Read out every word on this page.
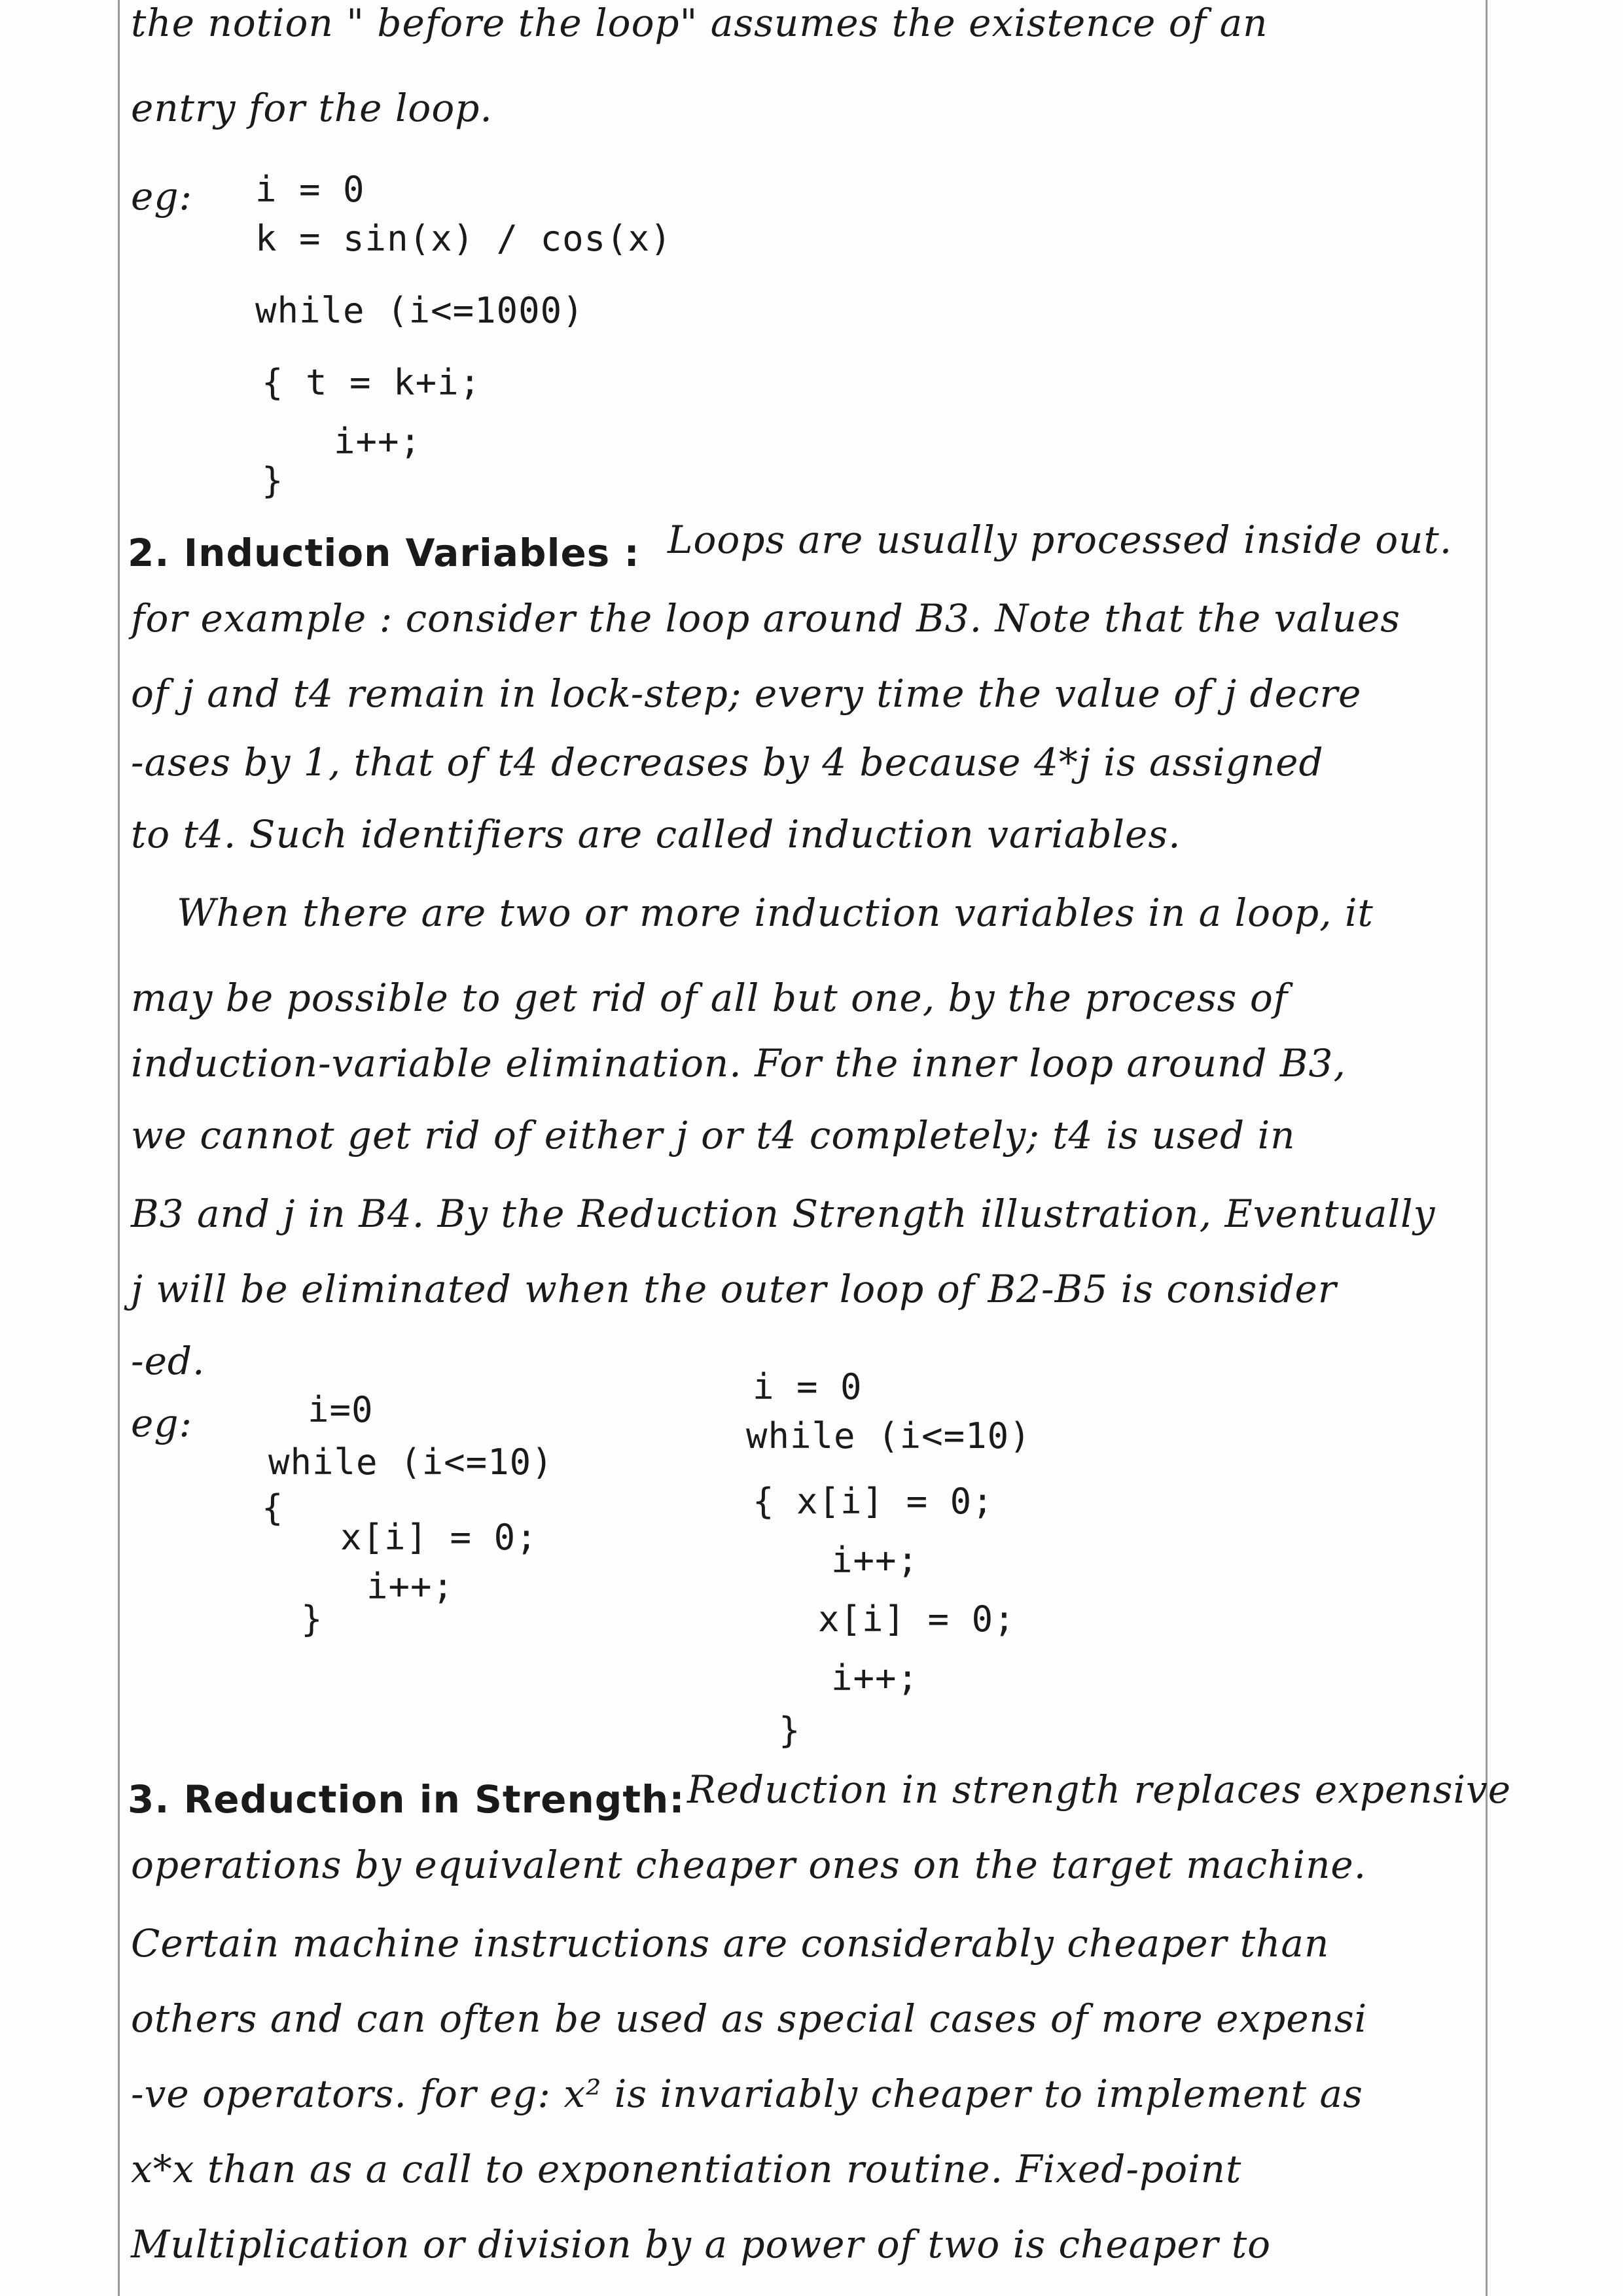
the notion " before the loop" assumes the existence of an
entry for the loop.
eg: i = 0
k = sin(x) / cos(x)
while (i<=1000)
{ t = k+i;
i++;
}
2. Induction Variables : Loops are usually processed inside out.
for example : consider the loop around B3. Note that the values
of j and t4 remain in lock-step; every time the value of j decre
-ases by 1, that of t4 decreases by 4 because 4*j is assigned
to t4. Such identifiers are called induction variables.
When there are two or more induction variables in a loop, it
may be possible to get rid of all but one, by the process of
induction-variable elimination. For the inner loop around B3,
we cannot get rid of either j or t4 completely; t4 is used in
B3 and j in B4. By the Reduction Strength illustration, Eventually
j will be eliminated when the outer loop of B2-B5 is consider
-ed.
eg:	i=0
while (i<=10)
{
x[i] = 0;
i++;
}
i = 0
while (i<=10)
{ x[i] = 0;
i++;
x[i] = 0;
i++;
}
3. Reduction in Strength: Reduction in strength replaces expensive
operations by equivalent cheaper ones on the target machine.
Certain machine instructions are considerably cheaper than
others and can often be used as special cases of more expensi
-ve operators. for eg: x² is invariably cheaper to implement as
x*x than as a call to exponentiation routine. Fixed-point
Multiplication or division by a power of two is cheaper to
